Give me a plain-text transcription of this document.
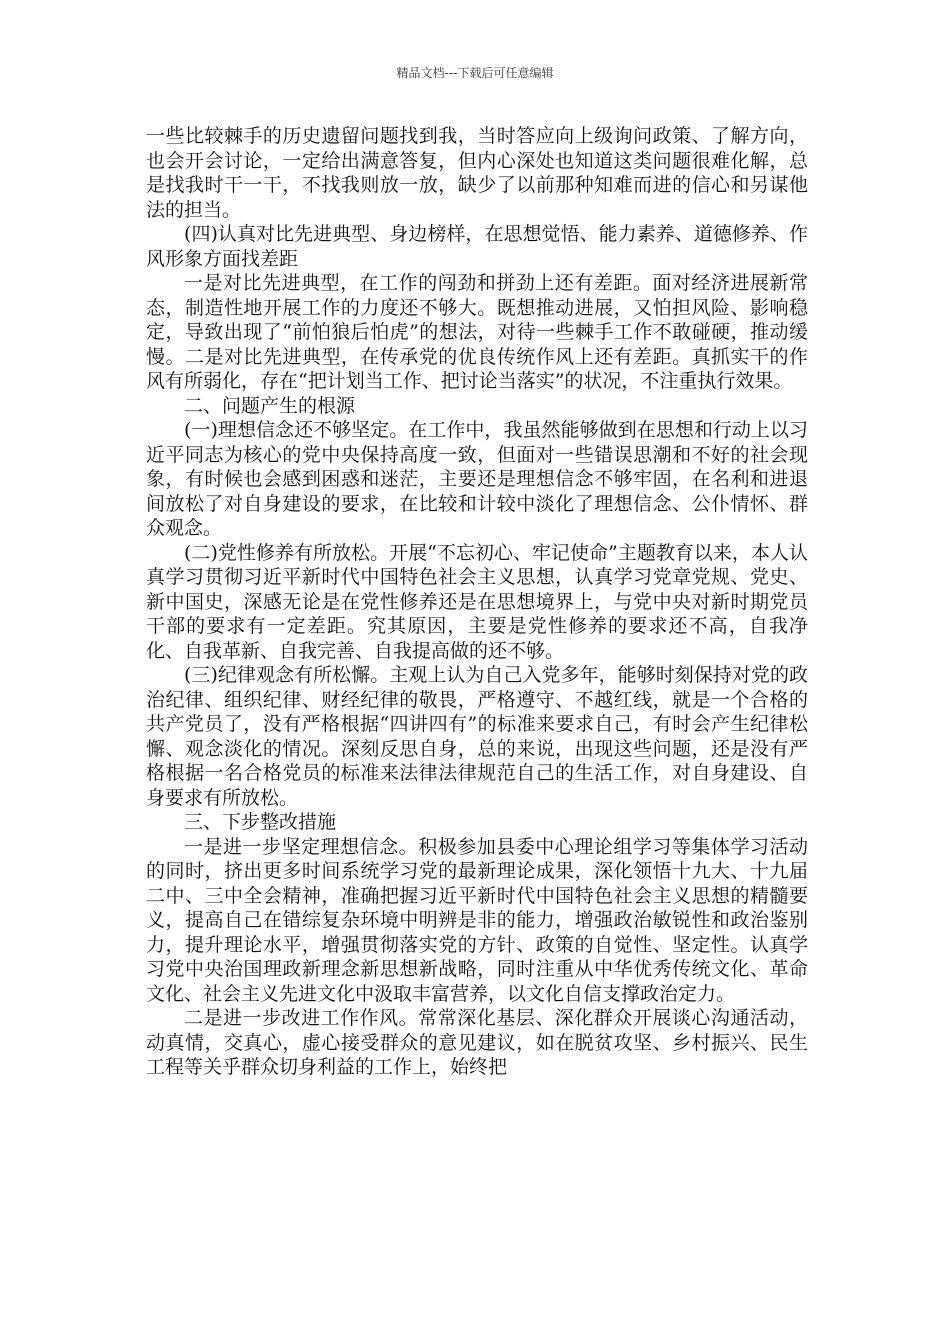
精品文档---下载后可任意编辑

一些比较棘手的历史遗留问题找到我，当时答应向上级询问政策、了解方向，也会开会讨论，一定给出满意答复，但内心深处也知道这类问题很难化解，总是找我时干一干，不找我则放一放，缺少了以前那种知难而进的信心和另谋他法的担当。

(四)认真对比先进典型、身边榜样，在思想觉悟、能力素养、道德修养、作风形象方面找差距

一是对比先进典型，在工作的闯劲和拼劲上还有差距。面对经济进展新常态，制造性地开展工作的力度还不够大。既想推动进展，又怕担风险、影响稳定，导致出现了“前怕狼后怕虎”的想法，对待一些棘手工作不敢碰硬，推动缓慢。二是对比先进典型，在传承党的优良传统作风上还有差距。真抓实干的作风有所弱化，存在“把计划当工作、把讨论当落实”的状况，不注重执行效果。

二、问题产生的根源

(一)理想信念还不够坚定。在工作中，我虽然能够做到在思想和行动上以习近平同志为核心的党中央保持高度一致，但面对一些错误思潮和不好的社会现象，有时候也会感到困惑和迷茫，主要还是理想信念不够牢固，在名利和进退间放松了对自身建设的要求，在比较和计较中淡化了理想信念、公仆情怀、群众观念。

(二)党性修养有所放松。开展“不忘初心、牢记使命”主题教育以来，本人认真学习贯彻习近平新时代中国特色社会主义思想，认真学习党章党规、党史、新中国史，深感无论是在党性修养还是在思想境界上，与党中央对新时期党员干部的要求有一定差距。究其原因，主要是党性修养的要求还不高，自我净化、自我革新、自我完善、自我提高做的还不够。

(三)纪律观念有所松懈。主观上认为自己入党多年，能够时刻保持对党的政治纪律、组织纪律、财经纪律的敬畏，严格遵守、不越红线，就是一个合格的共产党员了，没有严格根据“四讲四有”的标准来要求自己，有时会产生纪律松懈、观念淡化的情况。深刻反思自身，总的来说，出现这些问题，还是没有严格根据一名合格党员的标准来法律法律规范自己的生活工作，对自身建设、自身要求有所放松。

三、下步整改措施

一是进一步坚定理想信念。积极参加县委中心理论组学习等集体学习活动的同时，挤出更多时间系统学习党的最新理论成果，深化领悟十九大、十九届二中、三中全会精神，准确把握习近平新时代中国特色社会主义思想的精髓要义，提高自己在错综复杂环境中明辨是非的能力，增强政治敏锐性和政治鉴别力，提升理论水平，增强贯彻落实党的方针、政策的自觉性、坚定性。认真学习党中央治国理政新理念新思想新战略，同时注重从中华优秀传统文化、革命文化、社会主义先进文化中汲取丰富营养，以文化自信支撑政治定力。

二是进一步改进工作作风。常常深化基层、深化群众开展谈心沟通活动，动真情，交真心，虚心接受群众的意见建议，如在脱贫攻坚、乡村振兴、民生工程等关乎群众切身利益的工作上，始终把
